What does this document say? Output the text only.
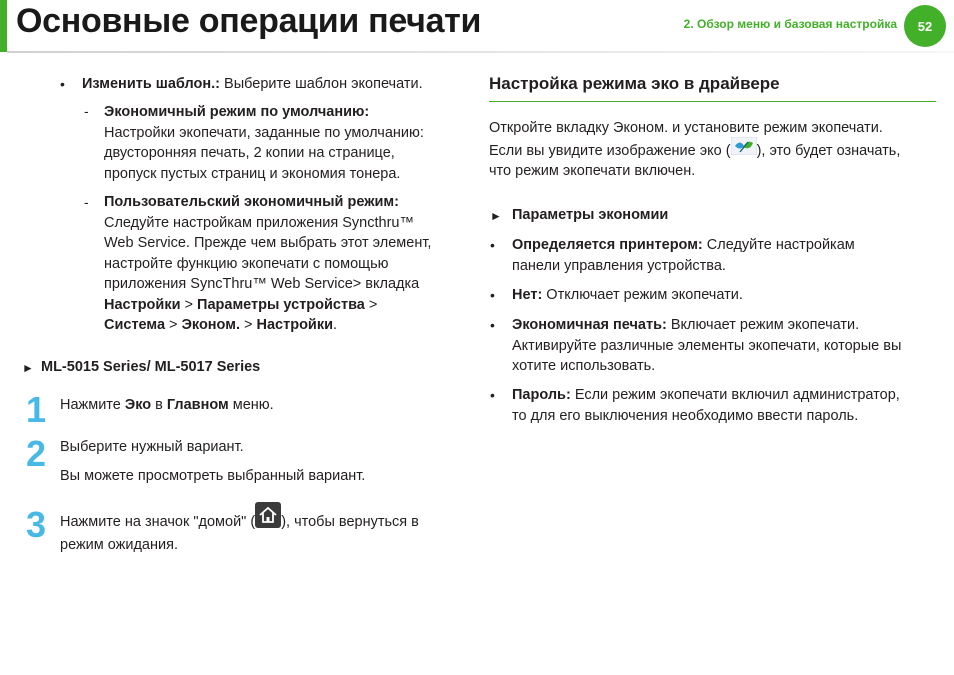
Основные операции печати	2. Обзор меню и базовая настройка	52
• Изменить шаблон.: Выберите шаблон экопечати.
- Экономичный режим по умолчанию:
Настройки экопечати, заданные по умолчанию:
двусторонняя печать, 2 копии на странице,
пропуск пустых страниц и экономия тонера.
- Пользовательский экономичный режим:
Следуйте настройкам приложения Syncthru™
Web Service. Прежде чем выбрать этот элемент,
настройте функцию экопечати с помощью
приложения SyncThru™ Web Service> вкладка
Настройки > Параметры устройства >
Система > Эконом. > Настройки.
► ML-5015 Series/ ML-5017 Series
1 Нажмите Эко в Главном меню.
2 Выберите нужный вариант.
Вы можете просмотреть выбранный вариант.
3 Нажмите на значок "домой" ( ), чтобы вернуться в
режим ожидания.
Настройка режима эко в драйвере
Откройте вкладку Эконом. и установите режим экопечати.
Если вы увидите изображение эко ( ), это будет означать,
что режим экопечати включен.
► Параметры экономии
• Определяется принтером: Следуйте настройкам
панели управления устройства.
• Нет: Отключает режим экопечати.
• Экономичная печать: Включает режим экопечати.
Активируйте различные элементы экопечати, которые вы
хотите использовать.
• Пароль: Если режим экопечати включил администратор,
то для его выключения необходимо ввести пароль.
